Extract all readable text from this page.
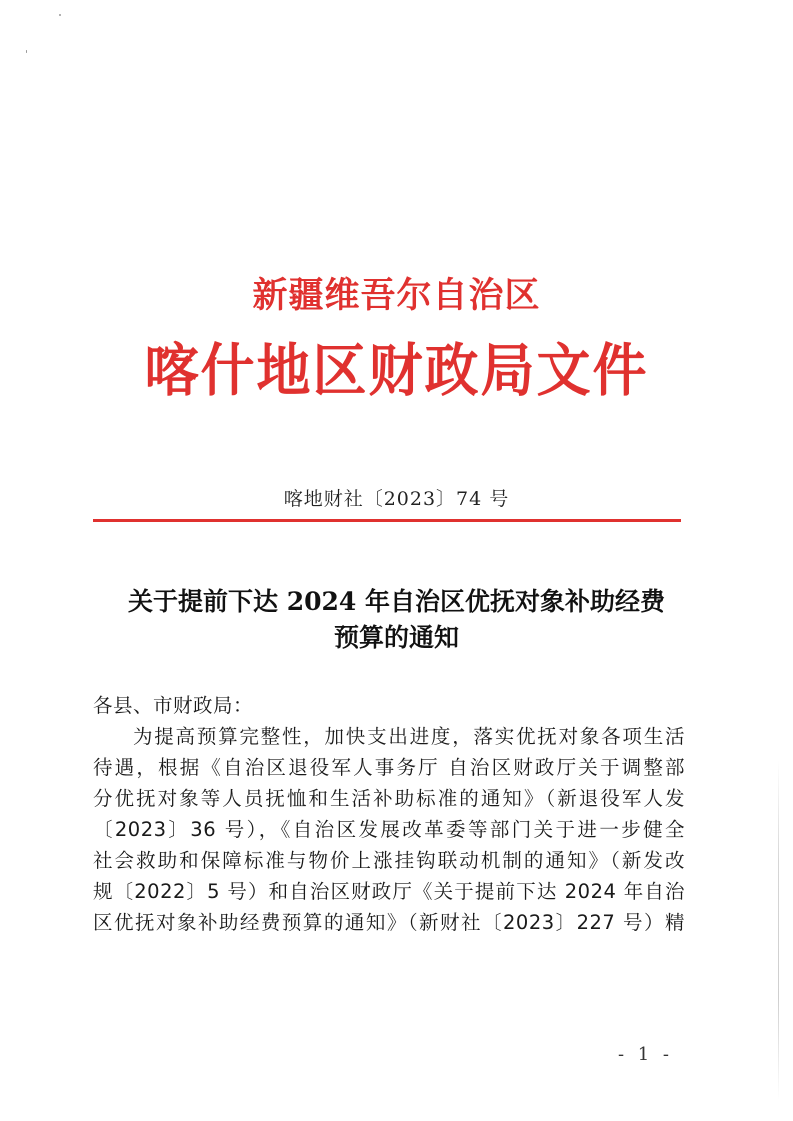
新疆维吾尔自治区
喀什地区财政局文件
喀地财社〔2023〕74 号
关于提前下达 2024 年自治区优抚对象补助经费
预算的通知
各县、市财政局：
为提高预算完整性，加快支出进度，落实优抚对象各项生活
待遇，根据《自治区退役军人事务厅 自治区财政厅关于调整部
分优抚对象等人员抚恤和生活补助标准的通知》（新退役军人发
〔2023〕36 号），《自治区发展改革委等部门关于进一步健全
社会救助和保障标准与物价上涨挂钩联动机制的通知》（新发改
规〔2022〕5 号）和自治区财政厅《关于提前下达 2024 年自治
区优抚对象补助经费预算的通知》（新财社〔2023〕227 号）精
- 1 -
